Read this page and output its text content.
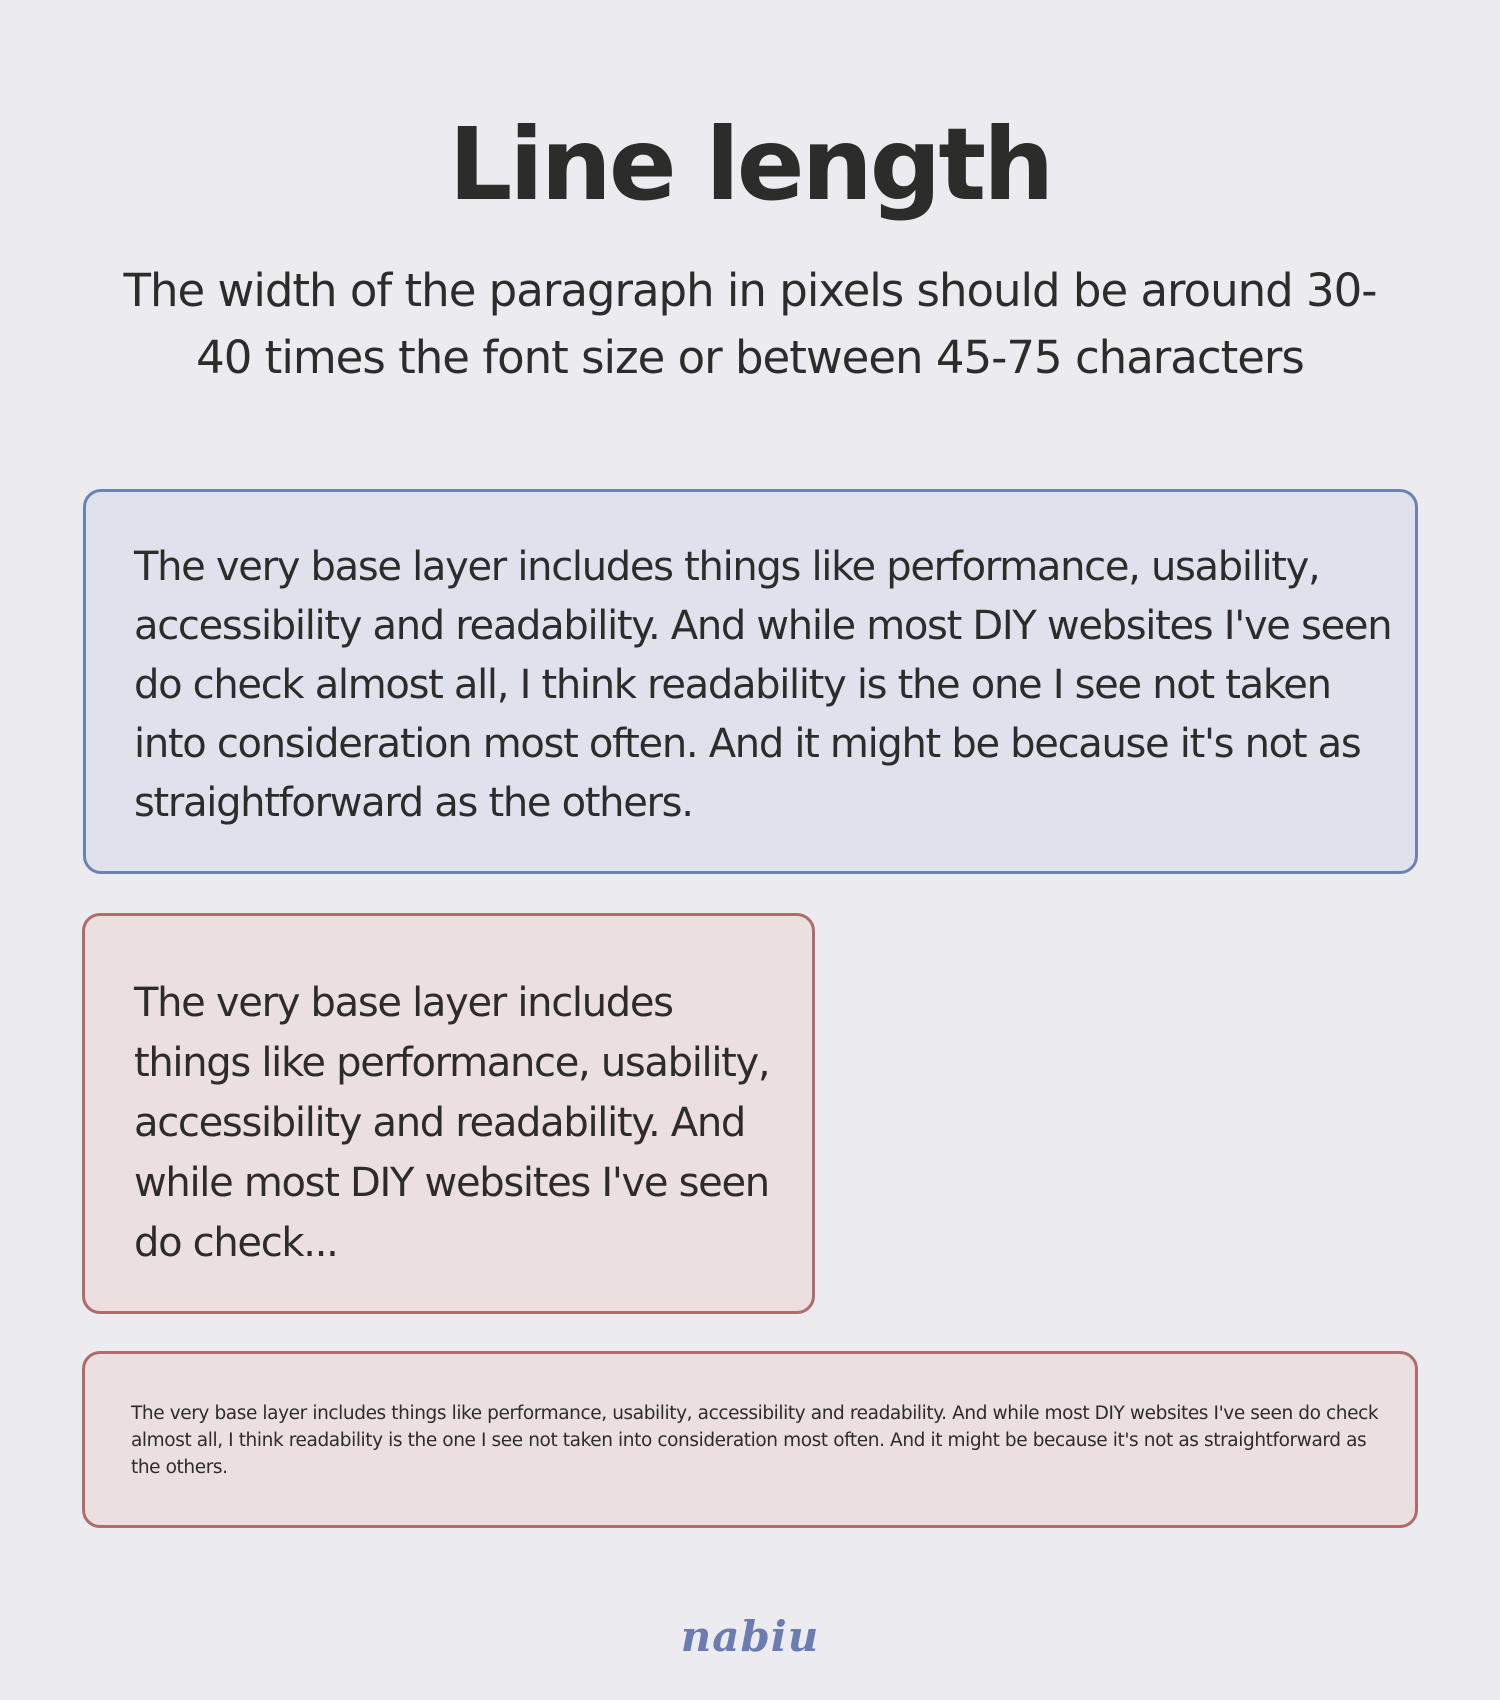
Line length

The width of the paragraph in pixels should be around 30-40 times the font size or between 45-75 characters

The very base layer includes things like performance, usability, accessibility and readability. And while most DIY websites I've seen do check almost all, I think readability is the one I see not taken into consideration most often. And it might be because it's not as straightforward as the others.

The very base layer includes things like performance, usability, accessibility and readability. And while most DIY websites I've seen do check...

The very base layer includes things like performance, usability, accessibility and readability. And while most DIY websites I've seen do check almost all, I think readability is the one I see not taken into consideration most often. And it might be because it's not as straightforward as the others.

nabiu
